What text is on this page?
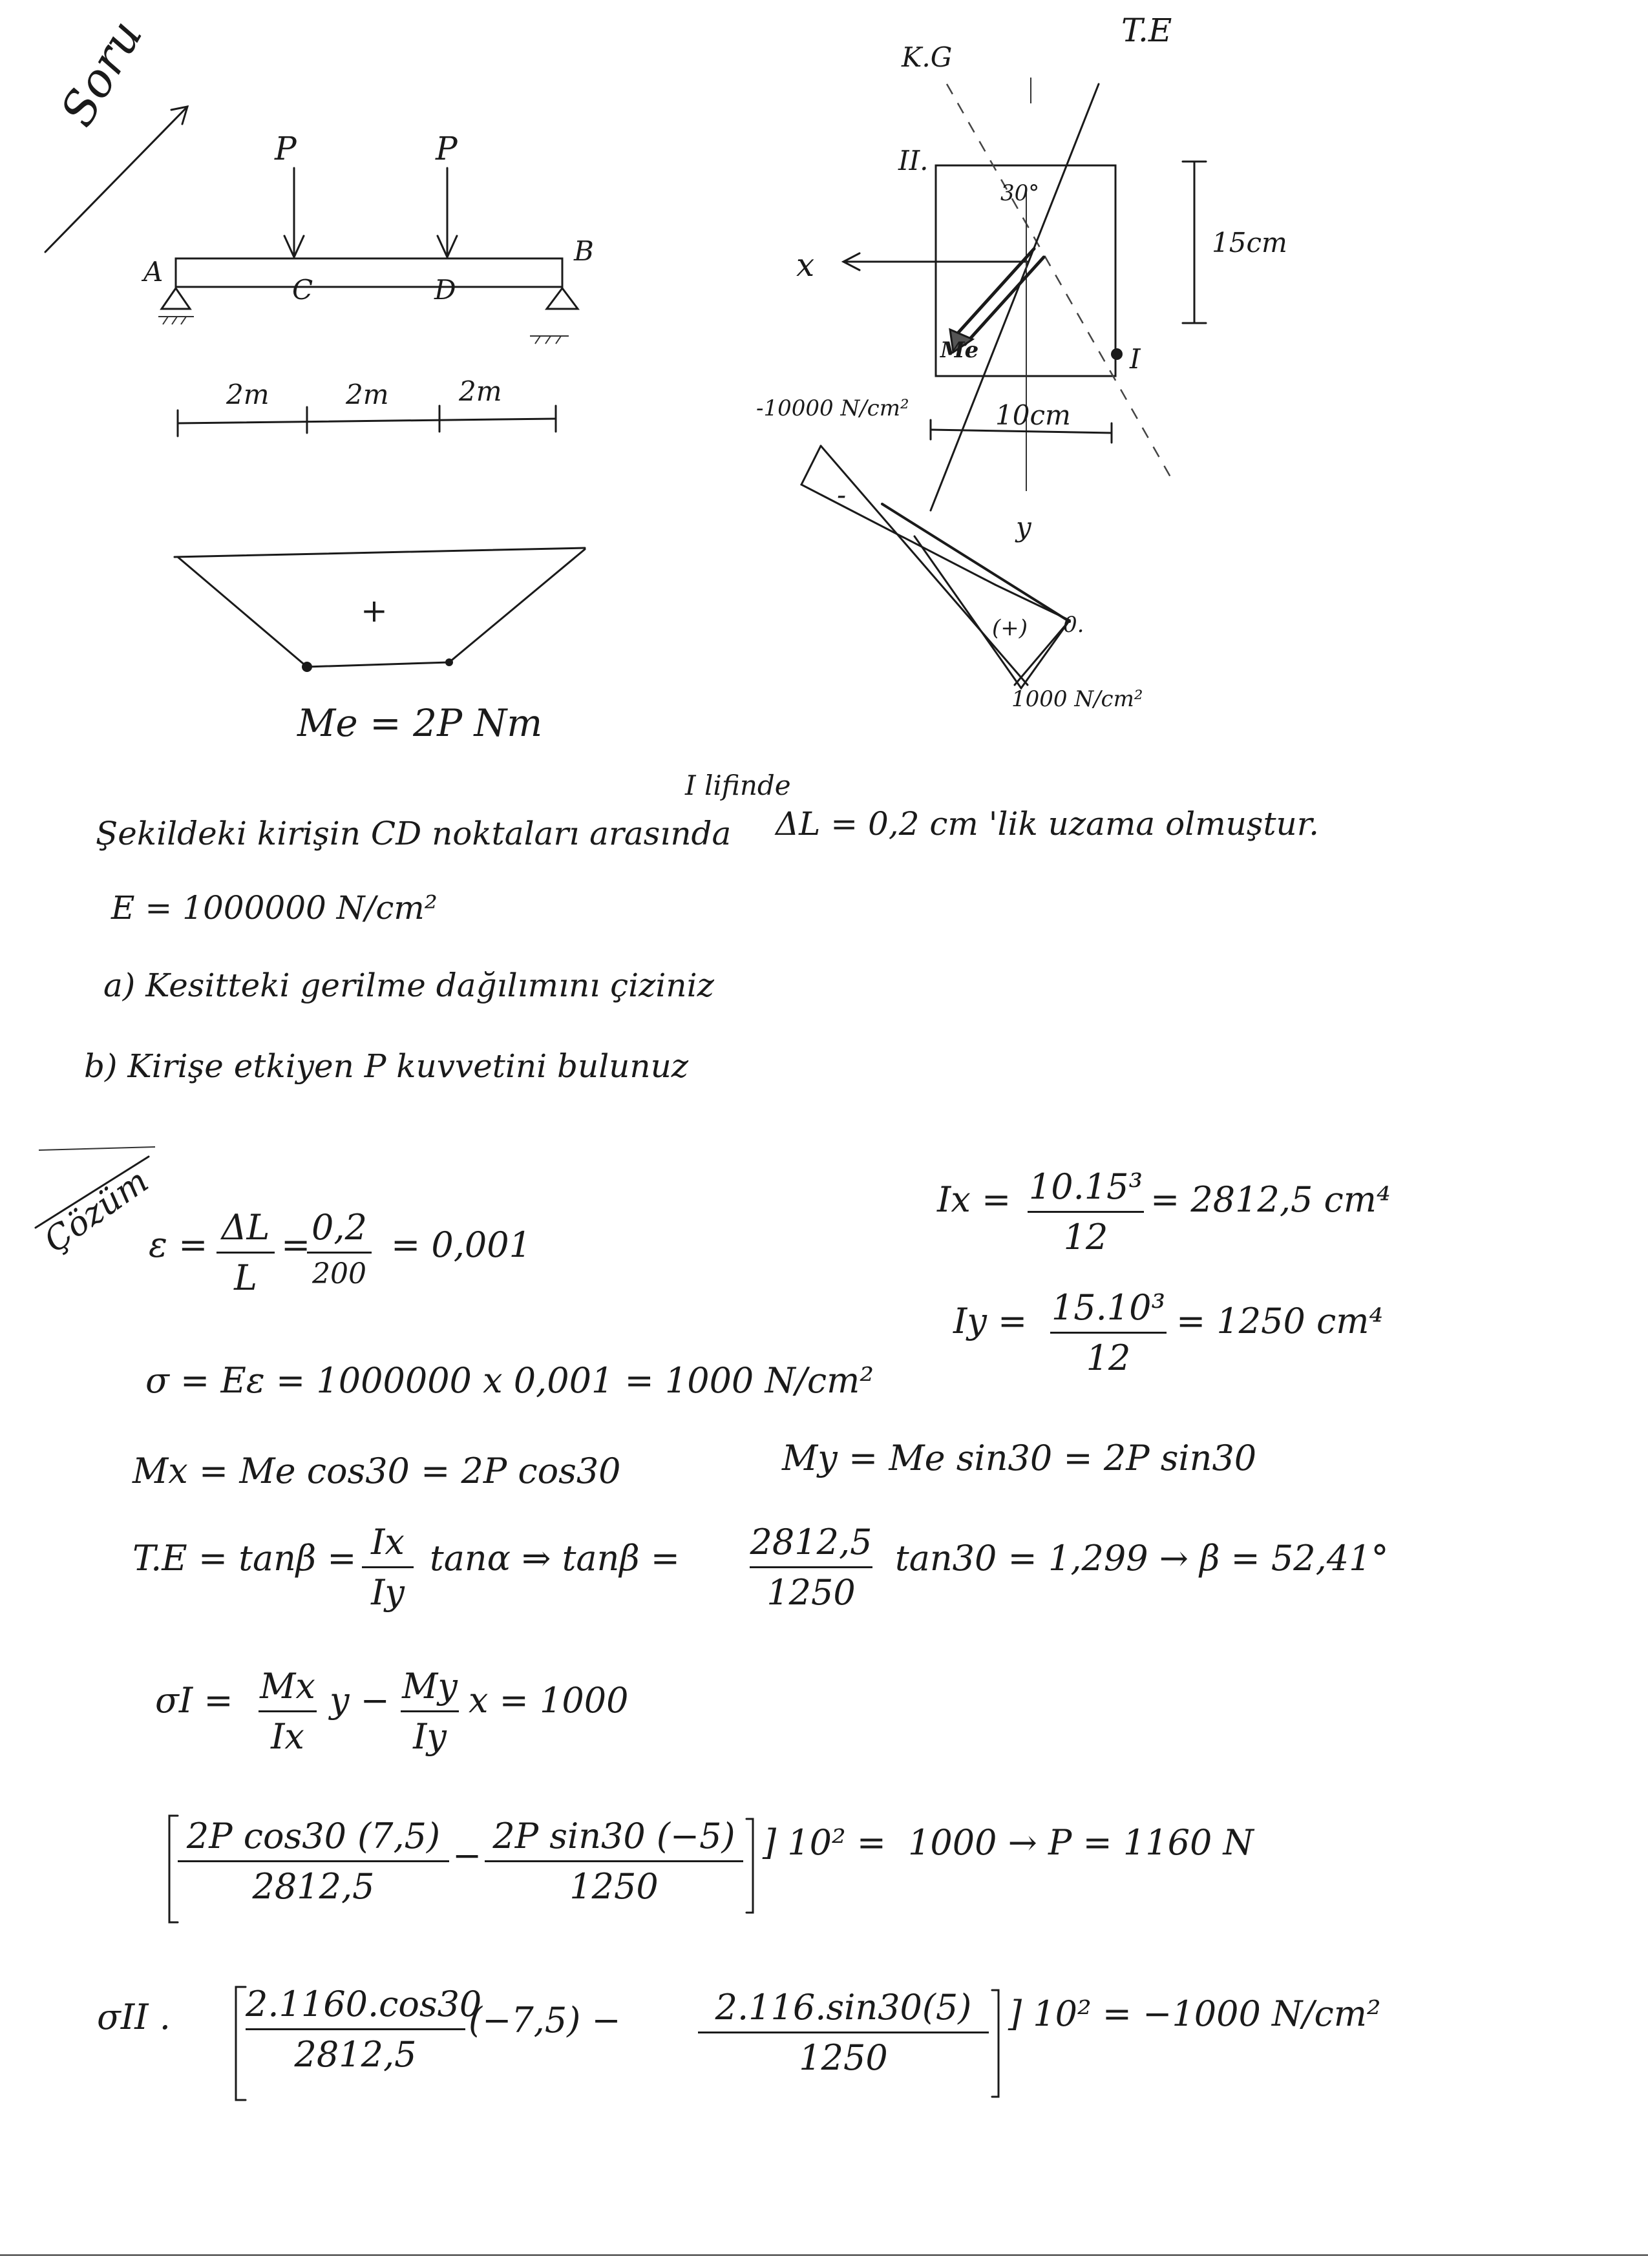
Soru
P	P
A
B
C	D
2m	2m	2m
+
Me = 2P Nm
K.G
T.E
II.
I
30°
Me
x
y
15cm
10cm
-10000 N/cm²
1000 N/cm²
-
(+) 0.
I lifinde
Şekildeki kirişin CD noktaları arasında ΔL = 0,2 cm 'lik uzama olmuştur.
E = 1000000 N/cm²
a) Kesitteki gerilme dağılımını çiziniz
b) Kirişe etkiyen P kuvvetini bulunuz
Çözüm
ε = ΔL
L
= 0,2
200
= 0,001
Ix = 10.15³
12
= 2812,5 cm⁴
Iy = 15.10³
12
= 1250 cm⁴
σ = Eε = 1000000 x 0,001 = 1000 N/cm²
Mx = Me cos30 = 2P cos30	My = Me sin30 = 2P sin30
T.E = tanβ = Ix
Iy
tanα ⇒ tanβ = 2812,5
1250
tan30 = 1,299 → β = 52,41°
σI = Mx
Ix
y − My
Iy
x = 1000
2P cos30 (7,5)
2812,5
− 2P sin30 (−5)
1250
] 10² = 1000 → P = 1160 N
σII . 2.1160.cos30
2812,5
(−7,5) −	2.116.sin30(5)
1250
] 10² = −1000 N/cm²
